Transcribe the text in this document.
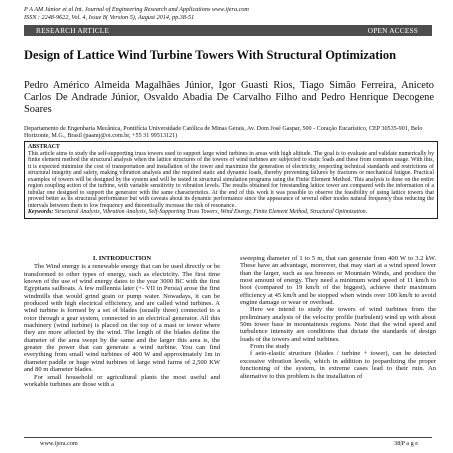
P A AM Júnior et al Int. Journal of Engineering Research and Applications www.ijera.com
ISSN : 2248-9622, Vol. 4, Issue 8( Version 5), August 2014, pp.38-51
RESEARCH ARTICLE	OPEN ACCESS
Design of Lattice Wind Turbine Towers With Structural Optimization
Pedro Américo Almeida Magalhães Júnior, Igor Guasti Rios, Tiago Simão Ferreira, Aniceto Carlos De Andrade Júnior, Osvaldo Abadia De Carvalho Filho and Pedro Henrique Decogene Soares
Departamento de Engenharia Mecânica, Pontifícia Universidade Católica de Minas Gerais, Av. Dom José Gaspar, 500 - Coração Eucarístico, CEP 30535-901, Belo Horizonte, M.G., Brasil (paamj@oi.com.br, +55 31 99513121)
ABSTRACT
This article aims to study the self-supporting truss towers used to support large wind turbines in areas with high altitude. The goal is to evaluate and validate numerically by finite element method the structural analysis when the lattice structures of the towers of wind turbines are subjected to static loads and these from common usage. With this, it is expected minimize the cost of transportation and installation of the tower and maximize the generation of electricity, respecting technical standards and restrictions of structural integrity and safety, making vibration analysis and the required static and dynamic loads, thereby preventing failures by fractures or mechanical fatigue. Practical examples of towers will be designed by the system and will be tested in structural simulation programs using the Finite Element Method. This analysis is done on the entire region coupling action of the turbine, with variable sensitivity to vibration levels. The results obtained for freestanding lattice tower are compared with the information of a tubular one designed to support the generator with the same characteristics. At the end of this work it was possible to observe the feasibility of using lattice towers that proved better as its structural performance but with caveats about its dynamic performance since the appearance of several other modes natural frequency thus reducing the intervals between them to low frequency and theoretically increase the risk of resonance.
Keywords: Structural Analysis, Vibration Analysis, Self-Supporting Truss Towers, Wind Energy, Finite Element Method, Structural Optimization.
I. INTRODUCTION

The Wind energy is a renewable energy that can be used directly or be transformed to other types of energy, such as electricity. The first time known of the use of wind energy dates to the year 3000 BC with the first Egyptians sailboats. A few millennia later (+- VII in Persia) arose the first windmills that would grind grain or pump water. Nowadays, it can be produced with high electrical efficiency, and are called wind turbines. A wind turbine is formed by a set of blades (usually three) connected to a rotor through a gear system, connected to an electrical generator. All this machinery (wind turbine) is placed on the top of a mast or tower where they are more affected by the wind. The length of the blades define the diameter of the area swept by the same and the larger this area is, the greater the power that can generate a wind turbine. You can find everything from small wind turbines of 400 W and approximately 1m in diameter paddle or huge wind turbines of large wind farms of 2,500 KW and 80 m diameter blades.

For small household or agricultural plants the most useful and workable turbines are those with a

sweeping diameter of 1 to 5 m, that can generate from 400 W to 3.2 kW. These have an advantage, moreover, that may start at a wind speed lower than the larger, such as sea breezes or Mountain Winds, and produce the most amount of energy. They need a minimum wind speed of 11 km/h to boot (compared to 19 km/h of the biggest), achieve their maximum efficiency at 45 km/h and be stopped when winds over 100 km/h to avoid engine damage or wear or overload.

Here we intend to study the towers of wind turbines from the preliminary analysis of the velocity profile (turbulent) wind up with about 50m tower base in mountainous regions. Note that the wind speed and turbulence intensity are conditions that dictate the standards of design loads of the towers and wind turbines.

From the study

f aeio-elastic structure (blades / turbine + tower), can be detected excessive vibration levels, which in addition to jeopardizing the proper functioning of the system, in extreme cases lead to their ruin. An alternative to this problem is the installation of

www.ijera.com	38|P a g e
